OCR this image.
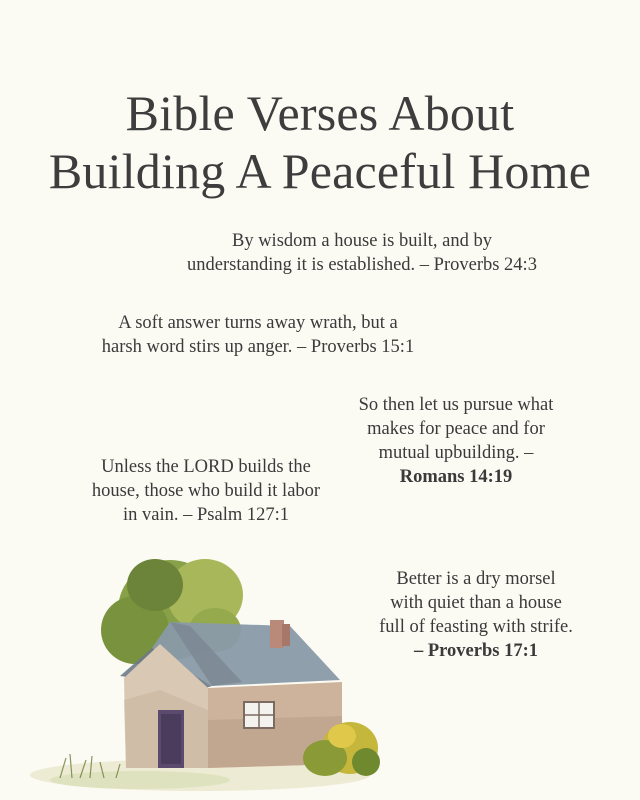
Bible Verses About
Building A Peaceful Home
By wisdom a house is built, and by
understanding it is established. – Proverbs 24:3
A soft answer turns away wrath, but a
harsh word stirs up anger. – Proverbs 15:1
So then let us pursue what
makes for peace and for
mutual upbuilding. –
Romans 14:19
Unless the LORD builds the
house, those who build it labor
in vain. – Psalm 127:1
Better is a dry morsel
with quiet than a house
full of feasting with strife.
– Proverbs 17:1
